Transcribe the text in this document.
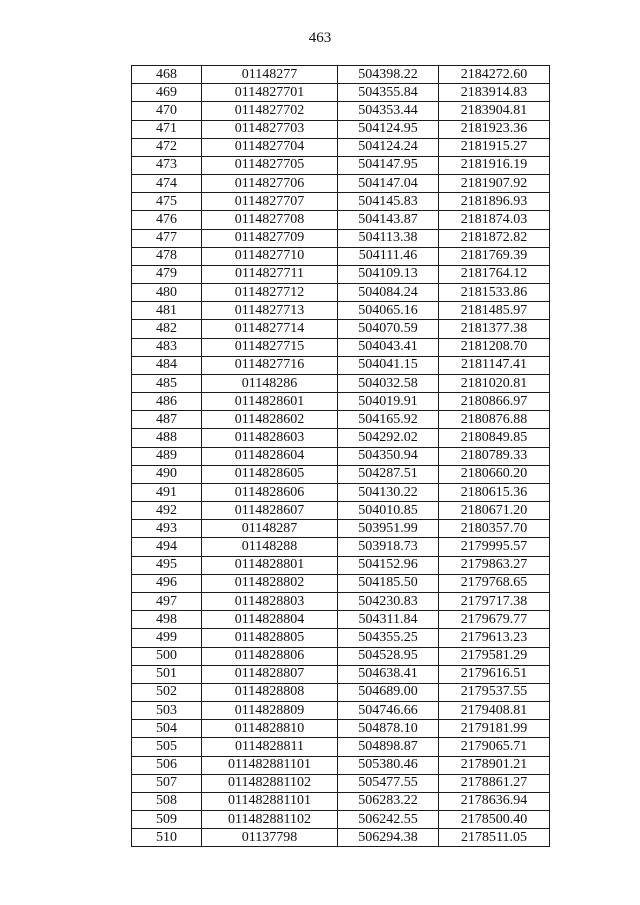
463
468	01148277	504398.22	2184272.60
469	0114827701	504355.84	2183914.83
470	0114827702	504353.44	2183904.81
471	0114827703	504124.95	2181923.36
472	0114827704	504124.24	2181915.27
473	0114827705	504147.95	2181916.19
474	0114827706	504147.04	2181907.92
475	0114827707	504145.83	2181896.93
476	0114827708	504143.87	2181874.03
477	0114827709	504113.38	2181872.82
478	0114827710	504111.46	2181769.39
479	0114827711	504109.13	2181764.12
480	0114827712	504084.24	2181533.86
481	0114827713	504065.16	2181485.97
482	0114827714	504070.59	2181377.38
483	0114827715	504043.41	2181208.70
484	0114827716	504041.15	2181147.41
485	01148286	504032.58	2181020.81
486	0114828601	504019.91	2180866.97
487	0114828602	504165.92	2180876.88
488	0114828603	504292.02	2180849.85
489	0114828604	504350.94	2180789.33
490	0114828605	504287.51	2180660.20
491	0114828606	504130.22	2180615.36
492	0114828607	504010.85	2180671.20
493	01148287	503951.99	2180357.70
494	01148288	503918.73	2179995.57
495	0114828801	504152.96	2179863.27
496	0114828802	504185.50	2179768.65
497	0114828803	504230.83	2179717.38
498	0114828804	504311.84	2179679.77
499	0114828805	504355.25	2179613.23
500	0114828806	504528.95	2179581.29
501	0114828807	504638.41	2179616.51
502	0114828808	504689.00	2179537.55
503	0114828809	504746.66	2179408.81
504	0114828810	504878.10	2179181.99
505	0114828811	504898.87	2179065.71
506	011482881101	505380.46	2178901.21
507	011482881102	505477.55	2178861.27
508	011482881101	506283.22	2178636.94
509	011482881102	506242.55	2178500.40
510	01137798	506294.38	2178511.05
